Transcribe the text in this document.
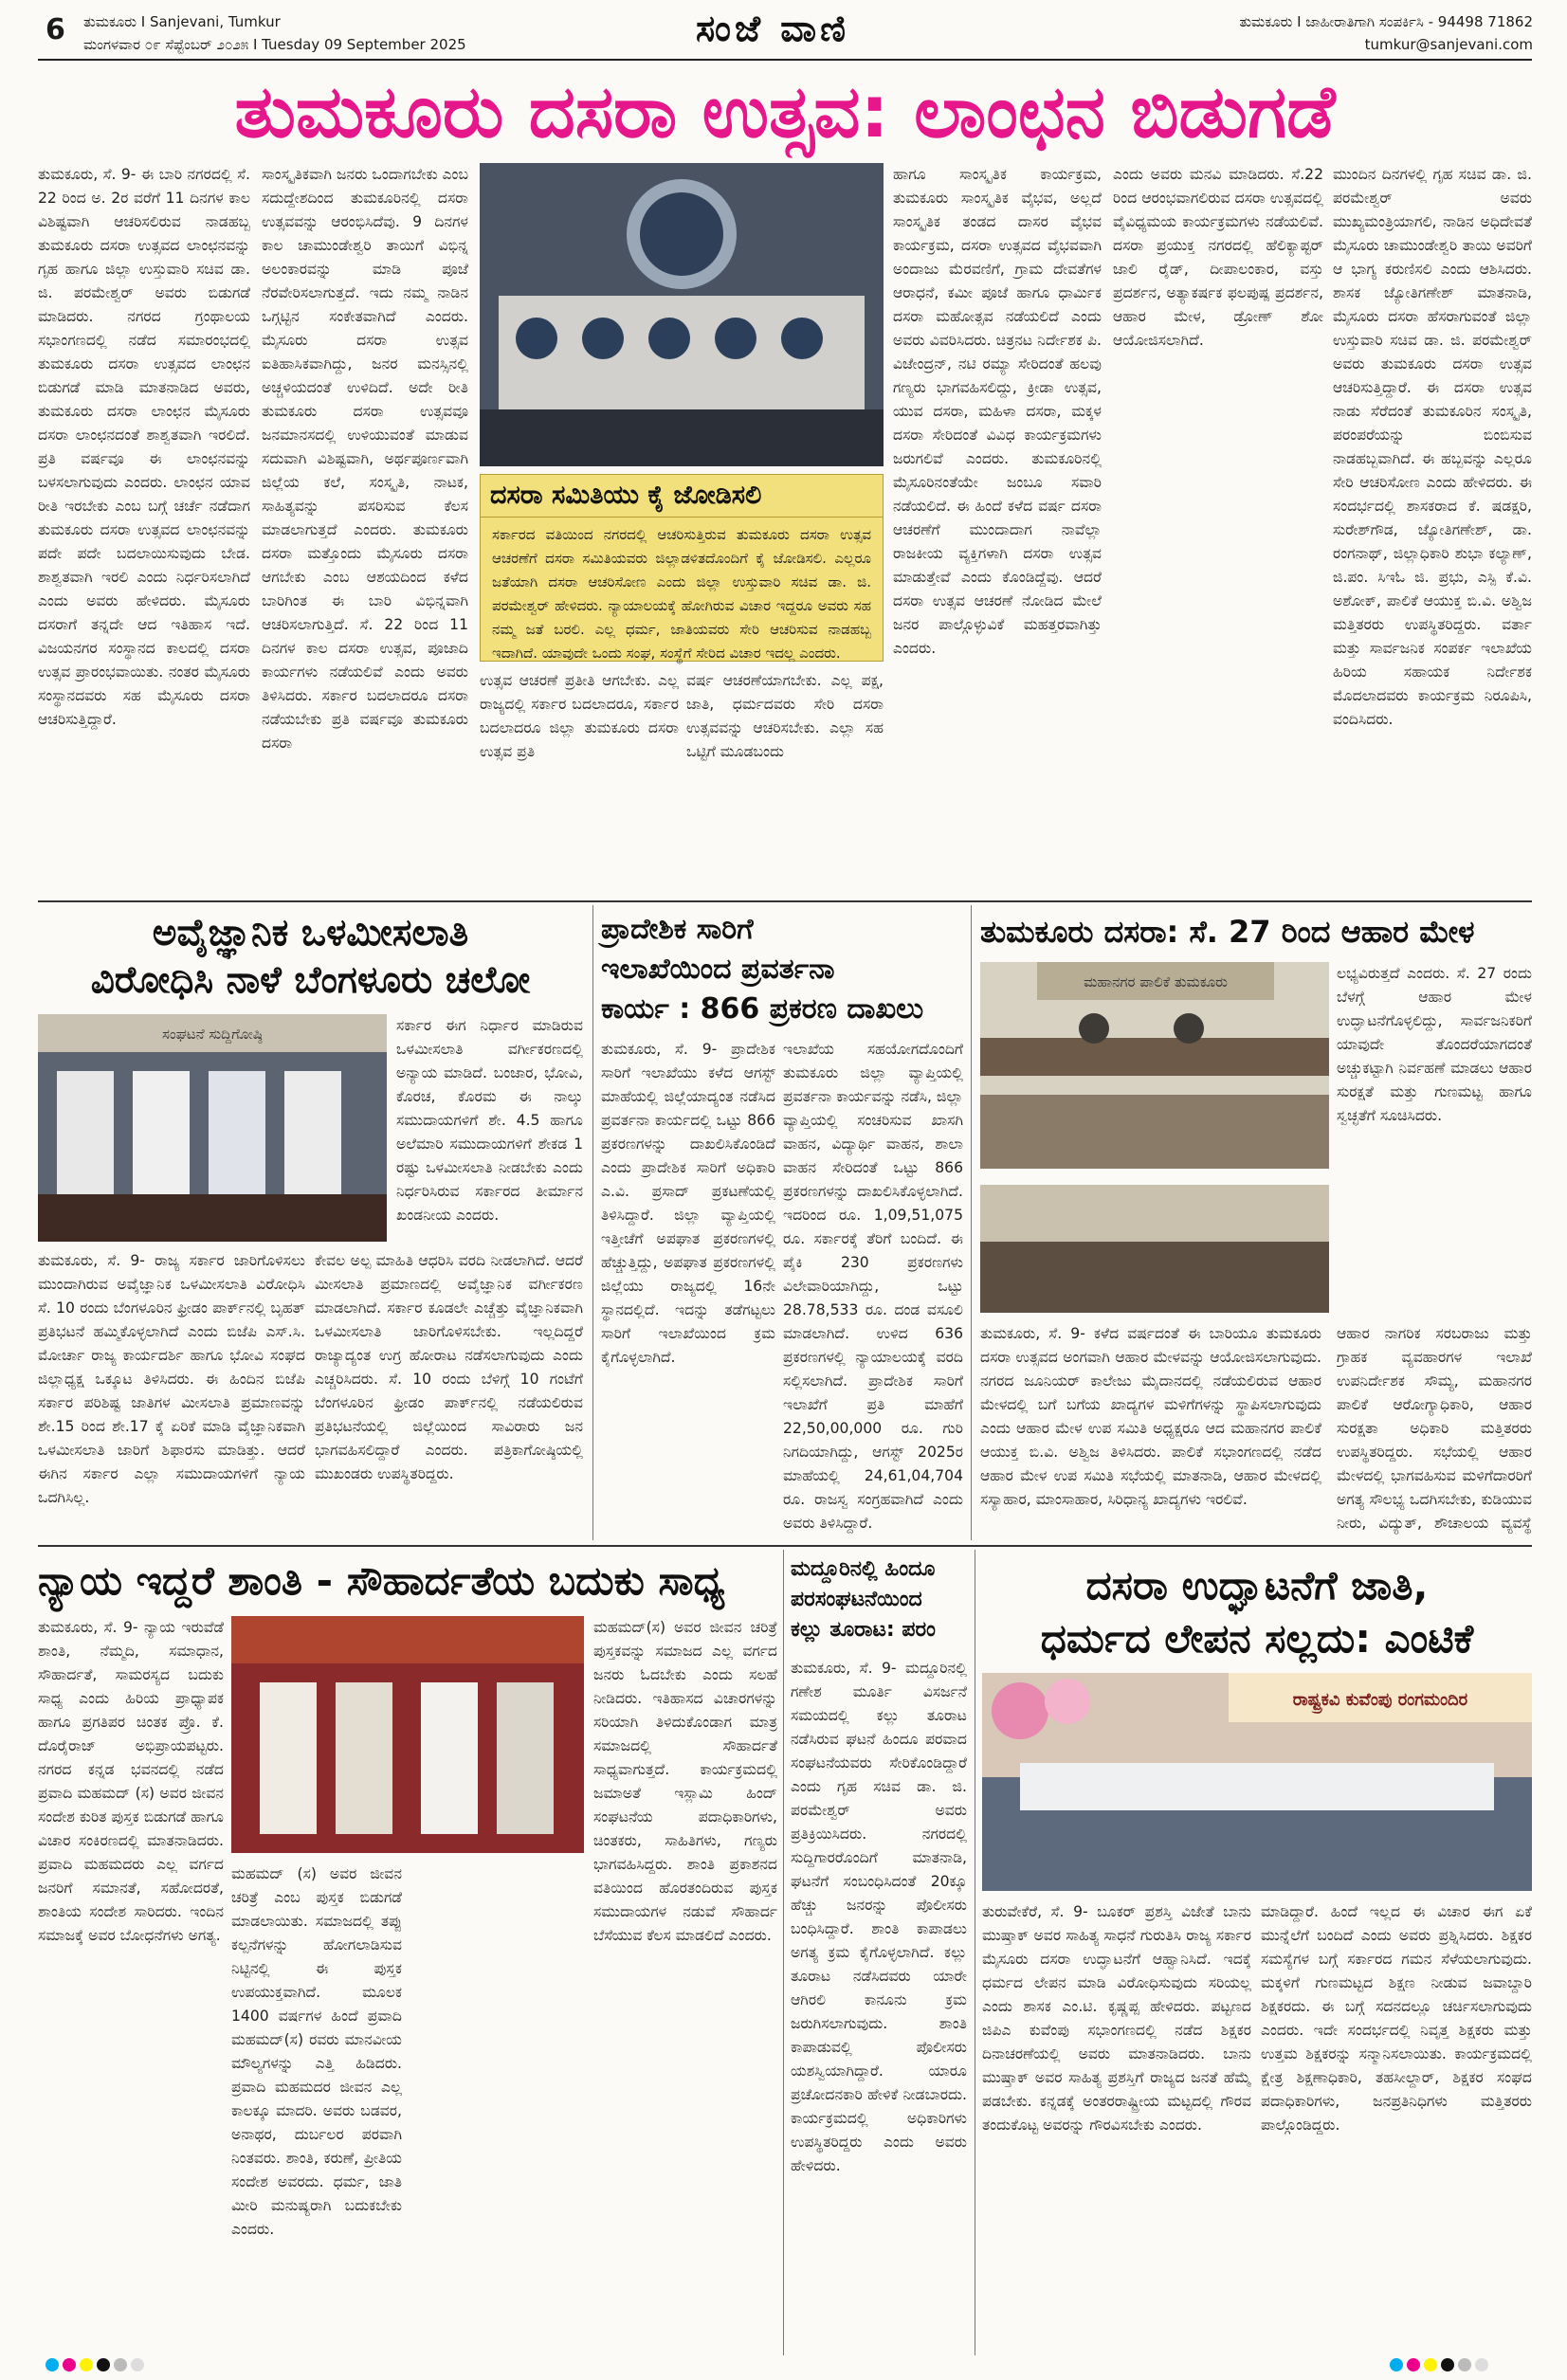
6 ತುಮಕೂರು I Sanjevani, Tumkur
ಮಂಗಳವಾರ ೦೯ ಸೆಪ್ಟೆಂಬರ್ ೨೦೨೫ I Tuesday 09 September 2025	ಸಂಜೆ ವಾಣಿ	ತುಮಕೂರು I ಜಾಹೀರಾತಿಗಾಗಿ ಸಂಪರ್ಕಿಸಿ - 94498 71862
tumkur@sanjevani.com
ತುಮಕೂರು ದಸರಾ ಉತ್ಸವ: ಲಾಂಛನ ಬಿಡುಗಡೆ
ತುಮಕೂರು, ಸೆ. 9- ಈ ಬಾರಿ ನಗರದಲ್ಲಿ ಸೆ. 22 ರಿಂದ ಅ. 2ರ ವರೆಗೆ 11 ದಿನಗಳ ಕಾಲ ವಿಶಿಷ್ಟವಾಗಿ ಆಚರಿಸಲಿರುವ ನಾಡಹಬ್ಬ ತುಮಕೂರು ದಸರಾ ಉತ್ಸವದ ಲಾಂಛನವನ್ನು ಗೃಹ ಹಾಗೂ ಜಿಲ್ಲಾ ಉಸ್ತುವಾರಿ ಸಚಿವ ಡಾ. ಜಿ. ಪರಮೇಶ್ವರ್ ಅವರು ಬಿಡುಗಡೆ ಮಾಡಿದರು. ನಗರದ ಗ್ರಂಥಾಲಯ ಸಭಾಂಗಣದಲ್ಲಿ ನಡೆದ ಸಮಾರಂಭದಲ್ಲಿ ತುಮಕೂರು ದಸರಾ ಉತ್ಸವದ ಲಾಂಛನ ಬಿಡುಗಡೆ ಮಾಡಿ ಮಾತನಾಡಿದ ಅವರು, ತುಮಕೂರು ದಸರಾ ಲಾಂಛನ ಮೈಸೂರು ದಸರಾ ಲಾಂಛನದಂತೆ ಶಾಶ್ವತವಾಗಿ ಇರಲಿದೆ. ಪ್ರತಿ ವರ್ಷವೂ ಈ ಲಾಂಛನವನ್ನು ಬಳಸಲಾಗುವುದು ಎಂದರು. ಲಾಂಛನ ಯಾವ ರೀತಿ ಇರಬೇಕು ಎಂಬ ಬಗ್ಗೆ ಚರ್ಚೆ ನಡೆದಾಗ ತುಮಕೂರು ದಸರಾ ಉತ್ಸವದ ಲಾಂಛನವನ್ನು ಪದೇ ಪದೇ ಬದಲಾಯಿಸುವುದು ಬೇಡ. ಶಾಶ್ವತವಾಗಿ ಇರಲಿ ಎಂದು ನಿರ್ಧರಿಸಲಾಗಿದೆ ಎಂದು ಅವರು ಹೇಳಿದರು. ಮೈಸೂರು ದಸರಾಗೆ ತನ್ನದೇ ಆದ ಇತಿಹಾಸ ಇದೆ. ವಿಜಯನಗರ ಸಂಸ್ಥಾನದ ಕಾಲದಲ್ಲಿ ದಸರಾ ಉತ್ಸವ ಪ್ರಾರಂಭವಾಯಿತು. ನಂತರ ಮೈಸೂರು ಸಂಸ್ಥಾನದವರು ಸಹ ಮೈಸೂರು ದಸರಾ ಆಚರಿಸುತ್ತಿದ್ದಾರೆ.
ಸಾಂಸ್ಕೃತಿಕವಾಗಿ ಜನರು ಒಂದಾಗಬೇಕು ಎಂಬ ಸದುದ್ದೇಶದಿಂದ ತುಮಕೂರಿನಲ್ಲಿ ದಸರಾ ಉತ್ಸವವನ್ನು ಆರಂಭಿಸಿದೆವು. 9 ದಿನಗಳ ಕಾಲ ಚಾಮುಂಡೇಶ್ವರಿ ತಾಯಿಗೆ ವಿಭಿನ್ನ ಅಲಂಕಾರವನ್ನು ಮಾಡಿ ಪೂಜೆ ನೆರವೇರಿಸಲಾಗುತ್ತದೆ. ಇದು ನಮ್ಮ ನಾಡಿನ ಒಗ್ಗಟ್ಟಿನ ಸಂಕೇತವಾಗಿದೆ ಎಂದರು. ಮೈಸೂರು ದಸರಾ ಉತ್ಸವ ಐತಿಹಾಸಿಕವಾಗಿದ್ದು, ಜನರ ಮನಸ್ಸಿನಲ್ಲಿ ಅಚ್ಚಳಿಯದಂತೆ ಉಳಿದಿದೆ. ಅದೇ ರೀತಿ ತುಮಕೂರು ದಸರಾ ಉತ್ಸವವೂ ಜನಮಾನಸದಲ್ಲಿ ಉಳಿಯುವಂತೆ ಮಾಡುವ ಸದುವಾಗಿ ವಿಶಿಷ್ಟವಾಗಿ, ಅರ್ಥಪೂರ್ಣವಾಗಿ ಜಿಲ್ಲೆಯ ಕಲೆ, ಸಂಸ್ಕೃತಿ, ನಾಟಕ, ಸಾಹಿತ್ಯವನ್ನು ಪಸರಿಸುವ ಕೆಲಸ ಮಾಡಲಾಗುತ್ತದೆ ಎಂದರು. ತುಮಕೂರು ದಸರಾ ಮತ್ತೊಂದು ಮೈಸೂರು ದಸರಾ ಆಗಬೇಕು ಎಂಬ ಆಶಯದಿಂದ ಕಳೆದ ಬಾರಿಗಿಂತ ಈ ಬಾರಿ ವಿಭಿನ್ನವಾಗಿ ಆಚರಿಸಲಾಗುತ್ತಿದೆ. ಸೆ. 22 ರಿಂದ 11 ದಿನಗಳ ಕಾಲ ದಸರಾ ಉತ್ಸವ, ಪೂಜಾದಿ ಕಾರ್ಯಗಳು ನಡೆಯಲಿವೆ ಎಂದು ಅವರು ತಿಳಿಸಿದರು. ಸರ್ಕಾರ ಬದಲಾದರೂ ದಸರಾ ನಡೆಯಬೇಕು ಪ್ರತಿ ವರ್ಷವೂ ತುಮಕೂರು ದಸರಾ
ದಸರಾ ಸಮಿತಿಯು ಕೈ ಜೋಡಿಸಲಿ
ಸರ್ಕಾರದ ವತಿಯಿಂದ ನಗರದಲ್ಲಿ ಆಚರಿಸುತ್ತಿರುವ ತುಮಕೂರು ದಸರಾ ಉತ್ಸವ ಆಚರಣೆಗೆ ದಸರಾ ಸಮಿತಿಯವರು ಜಿಲ್ಲಾಡಳಿತದೊಂದಿಗೆ ಕೈ ಜೋಡಿಸಲಿ. ಎಲ್ಲರೂ ಜತೆಯಾಗಿ ದಸರಾ ಆಚರಿಸೋಣ ಎಂದು ಜಿಲ್ಲಾ ಉಸ್ತುವಾರಿ ಸಚಿವ ಡಾ. ಜಿ. ಪರಮೇಶ್ವರ್ ಹೇಳಿದರು. ನ್ಯಾಯಾಲಯಕ್ಕೆ ಹೋಗಿರುವ ವಿಚಾರ ಇದ್ದರೂ ಅವರು ಸಹ ನಮ್ಮ ಜತೆ ಬರಲಿ. ಎಲ್ಲ ಧರ್ಮ, ಜಾತಿಯವರು ಸೇರಿ ಆಚರಿಸುವ ನಾಡಹಬ್ಬ ಇದಾಗಿದೆ. ಯಾವುದೇ ಒಂದು ಸಂಘ, ಸಂಸ್ಥೆಗೆ ಸೇರಿದ ವಿಚಾರ ಇದಲ್ಲ ಎಂದರು.
ಉತ್ಸವ ಆಚರಣೆ ಪ್ರತೀತಿ ಆಗಬೇಕು. ಎಲ್ಲ ರಾಜ್ಯದಲ್ಲಿ ಸರ್ಕಾರ ಬದಲಾದರೂ, ಸರ್ಕಾರ ಬದಲಾದರೂ ಜಿಲ್ಲಾ ತುಮಕೂರು ದಸರಾ ಉತ್ಸವ ಪ್ರತಿ
ವರ್ಷ ಆಚರಣೆಯಾಗಬೇಕು. ಎಲ್ಲ ಪಕ್ಷ, ಜಾತಿ, ಧರ್ಮದವರು ಸೇರಿ ದಸರಾ ಉತ್ಸವವನ್ನು ಆಚರಿಸಬೇಕು. ಎಲ್ಲಾ ಸಹ ಒಟ್ಟಿಗೆ ಮೂಡಬಂದು
ಹಾಗೂ ಸಾಂಸ್ಕೃತಿಕ ಕಾರ್ಯಕ್ರಮ, ತುಮಕೂರು ಸಾಂಸ್ಕೃತಿಕ ವೈಭವ, ಅಲ್ಲದೆ ಸಾಂಸ್ಕೃತಿಕ ತಂಡದ ದಾಸರ ವೈಭವ ಕಾರ್ಯಕ್ರಮ, ದಸರಾ ಉತ್ಸವದ ವೈಭವವಾಗಿ ಅಂದಾಜು ಮೆರವಣಿಗೆ, ಗ್ರಾಮ ದೇವತೆಗಳ ಆರಾಧನೆ, ಕಮೀ ಪೂಜೆ ಹಾಗೂ ಧಾರ್ಮಿಕ ದಸರಾ ಮಹೋತ್ಸವ ನಡೆಯಲಿದೆ ಎಂದು ಅವರು ವಿವರಿಸಿದರು. ಚಿತ್ರನಟ ನಿರ್ದೇಶಕ ಪಿ. ವಿಜೇಂದ್ರನ್, ನಟಿ ರಮ್ಯಾ ಸೇರಿದಂತೆ ಹಲವು ಗಣ್ಯರು ಭಾಗವಹಿಸಲಿದ್ದು, ಕ್ರೀಡಾ ಉತ್ಸವ, ಯುವ ದಸರಾ, ಮಹಿಳಾ ದಸರಾ, ಮಕ್ಕಳ ದಸರಾ ಸೇರಿದಂತೆ ವಿವಿಧ ಕಾರ್ಯಕ್ರಮಗಳು ಜರುಗಲಿವೆ ಎಂದರು. ತುಮಕೂರಿನಲ್ಲಿ ಮೈಸೂರಿನಂತೆಯೇ ಜಂಬೂ ಸವಾರಿ ನಡೆಯಲಿದೆ. ಈ ಹಿಂದೆ ಕಳೆದ ವರ್ಷ ದಸರಾ ಆಚರಣೆಗೆ ಮುಂದಾದಾಗ ನಾವೆಲ್ಲಾ ರಾಜಕೀಯ ವ್ಯಕ್ತಿಗಳಾಗಿ ದಸರಾ ಉತ್ಸವ ಮಾಡುತ್ತೇವೆ ಎಂದು ಕೊಂಡಿದ್ದೆವು. ಆದರೆ ದಸರಾ ಉತ್ಸವ ಆಚರಣೆ ನೋಡಿದ ಮೇಲೆ ಜನರ ಪಾಲ್ಗೊಳ್ಳುವಿಕೆ ಮಹತ್ತರವಾಗಿತ್ತು ಎಂದರು.
ಎಂದು ಅವರು ಮನವಿ ಮಾಡಿದರು. ಸೆ.22 ರಿಂದ ಆರಂಭವಾಗಲಿರುವ ದಸರಾ ಉತ್ಸವದಲ್ಲಿ ವೈವಿಧ್ಯಮಯ ಕಾರ್ಯಕ್ರಮಗಳು ನಡೆಯಲಿವೆ. ದಸರಾ ಪ್ರಯುಕ್ತ ನಗರದಲ್ಲಿ ಹೆಲಿಕ್ಯಾಪ್ಟರ್ ಜಾಲಿ ರೈಡ್, ದೀಪಾಲಂಕಾರ, ವಸ್ತು ಪ್ರದರ್ಶನ, ಅತ್ಯಾಕರ್ಷಕ ಫಲಪುಷ್ಪ ಪ್ರದರ್ಶನ, ಆಹಾರ ಮೇಳ, ಡ್ರೋಣ್ ಶೋ ಆಯೋಜಿಸಲಾಗಿದೆ.
ಮುಂದಿನ ದಿನಗಳಲ್ಲಿ ಗೃಹ ಸಚಿವ ಡಾ. ಜಿ. ಪರಮೇಶ್ವರ್ ಅವರು ಮುಖ್ಯಮಂತ್ರಿಯಾಗಲಿ, ನಾಡಿನ ಅಧಿದೇವತೆ ಮೈಸೂರು ಚಾಮುಂಡೇಶ್ವರಿ ತಾಯಿ ಅವರಿಗೆ ಆ ಭಾಗ್ಯ ಕರುಣಿಸಲಿ ಎಂದು ಆಶಿಸಿದರು. ಶಾಸಕ ಜ್ಯೋತಿಗಣೇಶ್ ಮಾತನಾಡಿ, ಮೈಸೂರು ದಸರಾ ಹೆಸರಾಗುವಂತೆ ಜಿಲ್ಲಾ ಉಸ್ತುವಾರಿ ಸಚಿವ ಡಾ. ಜಿ. ಪರಮೇಶ್ವರ್ ಅವರು ತುಮಕೂರು ದಸರಾ ಉತ್ಸವ ಆಚರಿಸುತ್ತಿದ್ದಾರೆ. ಈ ದಸರಾ ಉತ್ಸವ ನಾಡು ಸೆರೆದಂತೆ ತುಮಕೂರಿನ ಸಂಸ್ಕೃತಿ, ಪರಂಪರೆಯನ್ನು ಬಿಂಬಿಸುವ ನಾಡಹಬ್ಬವಾಗಿದೆ. ಈ ಹಬ್ಬವನ್ನು ಎಲ್ಲರೂ ಸೇರಿ ಆಚರಿಸೋಣ ಎಂದು ಹೇಳಿದರು. ಈ ಸಂದರ್ಭದಲ್ಲಿ ಶಾಸಕರಾದ ಕೆ. ಷಡಕ್ಷರಿ, ಸುರೇಶ್‍ಗೌಡ, ಜ್ಯೋತಿಗಣೇಶ್, ಡಾ. ರಂಗನಾಥ್, ಜಿಲ್ಲಾಧಿಕಾರಿ ಶುಭಾ ಕಲ್ಯಾಣ್, ಜಿ.ಪಂ. ಸಿಇಓ ಜಿ. ಪ್ರಭು, ಎಸ್ಪಿ ಕೆ.ವಿ. ಅಶೋಕ್, ಪಾಲಿಕೆ ಆಯುಕ್ತ ಬಿ.ವಿ. ಅಶ್ವಿಜ ಮತ್ತಿತರರು ಉಪಸ್ಥಿತರಿದ್ದರು. ವರ್ತಾ ಮತ್ತು ಸಾರ್ವಜನಿಕ ಸಂಪರ್ಕ ಇಲಾಖೆಯ ಹಿರಿಯ ಸಹಾಯಕ ನಿರ್ದೇಶಕ ಮೊದಲಾದವರು ಕಾರ್ಯಕ್ರಮ ನಿರೂಪಿಸಿ, ವಂದಿಸಿದರು.
ಅವೈಜ್ಞಾನಿಕ ಒಳಮೀಸಲಾತಿ
ವಿರೋಧಿಸಿ ನಾಳೆ ಬೆಂಗಳೂರು ಚಲೋ
ಸಂಘಟನೆ ಸುದ್ದಿಗೋಷ್ಠಿ	ಸರ್ಕಾರ ಈಗ ನಿರ್ಧಾರ ಮಾಡಿರುವ ಒಳಮೀಸಲಾತಿ ವರ್ಗೀಕರಣದಲ್ಲಿ ಅನ್ಯಾಯ ಮಾಡಿದೆ. ಬಂಜಾರ, ಭೋವಿ, ಕೊರಚ, ಕೊರಮ ಈ ನಾಲ್ಕು ಸಮುದಾಯಗಳಿಗೆ ಶೇ. 4.5 ಹಾಗೂ ಅಲೆಮಾರಿ ಸಮುದಾಯಗಳಿಗೆ ಶೇಕಡ 1 ರಷ್ಟು ಒಳಮೀಸಲಾತಿ ನೀಡಬೇಕು ಎಂದು ನಿರ್ಧರಿಸಿರುವ ಸರ್ಕಾರದ ತೀರ್ಮಾನ ಖಂಡನೀಯ ಎಂದರು.
ತುಮಕೂರು, ಸೆ. 9- ರಾಜ್ಯ ಸರ್ಕಾರ ಜಾರಿಗೊಳಿಸಲು ಮುಂದಾಗಿರುವ ಅವೈಜ್ಞಾನಿಕ ಒಳಮೀಸಲಾತಿ ವಿರೋಧಿಸಿ ಸೆ. 10 ರಂದು ಬೆಂಗಳೂರಿನ ಫ್ರೀಡಂ ಪಾರ್ಕ್‍ನಲ್ಲಿ ಬೃಹತ್ ಪ್ರತಿಭಟನೆ ಹಮ್ಮಿಕೊಳ್ಳಲಾಗಿದೆ ಎಂದು ಬಿಜೆಪಿ ಎಸ್.ಸಿ. ಮೋರ್ಚಾ ರಾಜ್ಯ ಕಾರ್ಯದರ್ಶಿ ಹಾಗೂ ಭೋವಿ ಸಂಘದ ಜಿಲ್ಲಾಧ್ಯಕ್ಷ ಒಕ್ಕೂಟ ತಿಳಿಸಿದರು. ಈ ಹಿಂದಿನ ಬಿಜೆಪಿ ಸರ್ಕಾರ ಪರಿಶಿಷ್ಟ ಜಾತಿಗಳ ಮೀಸಲಾತಿ ಪ್ರಮಾಣವನ್ನು ಶೇ.15 ರಿಂದ ಶೇ.17 ಕ್ಕೆ ಏರಿಕೆ ಮಾಡಿ ವೈಜ್ಞಾನಿಕವಾಗಿ ಒಳಮೀಸಲಾತಿ ಜಾರಿಗೆ ಶಿಫಾರಸು ಮಾಡಿತ್ತು. ಆದರೆ ಈಗಿನ ಸರ್ಕಾರ ಎಲ್ಲಾ ಸಮುದಾಯಗಳಿಗೆ ನ್ಯಾಯ ಒದಗಿಸಿಲ್ಲ.
ಕೇವಲ ಅಲ್ಪ ಮಾಹಿತಿ ಆಧರಿಸಿ ವರದಿ ನೀಡಲಾಗಿದೆ. ಆದರೆ ಮೀಸಲಾತಿ ಪ್ರಮಾಣದಲ್ಲಿ ಅವೈಜ್ಞಾನಿಕ ವರ್ಗೀಕರಣ ಮಾಡಲಾಗಿದೆ. ಸರ್ಕಾರ ಕೂಡಲೇ ಎಚ್ಚೆತ್ತು ವೈಜ್ಞಾನಿಕವಾಗಿ ಒಳಮೀಸಲಾತಿ ಜಾರಿಗೊಳಿಸಬೇಕು. ಇಲ್ಲದಿದ್ದರೆ ರಾಜ್ಯಾದ್ಯಂತ ಉಗ್ರ ಹೋರಾಟ ನಡೆಸಲಾಗುವುದು ಎಂದು ಎಚ್ಚರಿಸಿದರು. ಸೆ. 10 ರಂದು ಬೆಳಿಗ್ಗೆ 10 ಗಂಟೆಗೆ ಬೆಂಗಳೂರಿನ ಫ್ರೀಡಂ ಪಾರ್ಕ್‍ನಲ್ಲಿ ನಡೆಯಲಿರುವ ಪ್ರತಿಭಟನೆಯಲ್ಲಿ ಜಿಲ್ಲೆಯಿಂದ ಸಾವಿರಾರು ಜನ ಭಾಗವಹಿಸಲಿದ್ದಾರೆ ಎಂದರು. ಪತ್ರಿಕಾಗೋಷ್ಠಿಯಲ್ಲಿ ಮುಖಂಡರು ಉಪಸ್ಥಿತರಿದ್ದರು.
ಪ್ರಾದೇಶಿಕ ಸಾರಿಗೆ
ಇಲಾಖೆಯಿಂದ ಪ್ರವರ್ತನಾ
ಕಾರ್ಯ : 866 ಪ್ರಕರಣ ದಾಖಲು
ತುಮಕೂರು, ಸೆ. 9- ಪ್ರಾದೇಶಿಕ ಸಾರಿಗೆ ಇಲಾಖೆಯು ಕಳೆದ ಆಗಸ್ಟ್ ಮಾಹೆಯಲ್ಲಿ ಜಿಲ್ಲೆಯಾದ್ಯಂತ ನಡೆಸಿದ ಪ್ರವರ್ತನಾ ಕಾರ್ಯದಲ್ಲಿ ಒಟ್ಟು 866 ಪ್ರಕರಣಗಳನ್ನು ದಾಖಲಿಸಿಕೊಂಡಿದೆ ಎಂದು ಪ್ರಾದೇಶಿಕ ಸಾರಿಗೆ ಅಧಿಕಾರಿ ಎ.ವಿ. ಪ್ರಸಾದ್ ಪ್ರಕಟಣೆಯಲ್ಲಿ ತಿಳಿಸಿದ್ದಾರೆ. ಜಿಲ್ಲಾ ವ್ಯಾಪ್ತಿಯಲ್ಲಿ ಇತ್ತೀಚೆಗೆ ಅಪಘಾತ ಪ್ರಕರಣಗಳಲ್ಲಿ ಹೆಚ್ಚುತ್ತಿದ್ದು, ಅಪಘಾತ ಪ್ರಕರಣಗಳಲ್ಲಿ ಜಿಲ್ಲೆಯು ರಾಜ್ಯದಲ್ಲಿ 16ನೇ ಸ್ಥಾನದಲ್ಲಿದೆ. ಇದನ್ನು ತಡೆಗಟ್ಟಲು ಸಾರಿಗೆ ಇಲಾಖೆಯಿಂದ ಕ್ರಮ ಕೈಗೊಳ್ಳಲಾಗಿದೆ.
ಇಲಾಖೆಯ ಸಹಯೋಗದೊಂದಿಗೆ ತುಮಕೂರು ಜಿಲ್ಲಾ ವ್ಯಾಪ್ತಿಯಲ್ಲಿ ಪ್ರವರ್ತನಾ ಕಾರ್ಯವನ್ನು ನಡೆಸಿ, ಜಿಲ್ಲಾ ವ್ಯಾಪ್ತಿಯಲ್ಲಿ ಸಂಚರಿಸುವ ಖಾಸಗಿ ವಾಹನ, ವಿದ್ಯಾರ್ಥಿ ವಾಹನ, ಶಾಲಾ ವಾಹನ ಸೇರಿದಂತೆ ಒಟ್ಟು 866 ಪ್ರಕರಣಗಳನ್ನು ದಾಖಲಿಸಿಕೊಳ್ಳಲಾಗಿದೆ. ಇದರಿಂದ ರೂ. 1,09,51,075 ರೂ. ಸರ್ಕಾರಕ್ಕೆ ತೆರಿಗೆ ಬಂದಿದೆ. ಈ ಪೈಕಿ 230 ಪ್ರಕರಣಗಳು ವಿಲೇವಾರಿಯಾಗಿದ್ದು, ಒಟ್ಟು 28.78,533 ರೂ. ದಂಡ ವಸೂಲಿ ಮಾಡಲಾಗಿದೆ. ಉಳಿದ 636 ಪ್ರಕರಣಗಳಲ್ಲಿ ನ್ಯಾಯಾಲಯಕ್ಕೆ ವರದಿ ಸಲ್ಲಿಸಲಾಗಿದೆ. ಪ್ರಾದೇಶಿಕ ಸಾರಿಗೆ ಇಲಾಖೆಗೆ ಪ್ರತಿ ಮಾಹೆಗೆ 22,50,00,000 ರೂ. ಗುರಿ ನಿಗದಿಯಾಗಿದ್ದು, ಆಗಸ್ಟ್ 2025ರ ಮಾಹೆಯಲ್ಲಿ 24,61,04,704 ರೂ. ರಾಜಸ್ವ ಸಂಗ್ರಹವಾಗಿದೆ ಎಂದು ಅವರು ತಿಳಿಸಿದ್ದಾರೆ.
ತುಮಕೂರು ದಸರಾ: ಸೆ. 27 ರಿಂದ ಆಹಾರ ಮೇಳ
ಮಹಾನಗರ ಪಾಲಿಕೆ ತುಮಕೂರು	ಲಭ್ಯವಿರುತ್ತದೆ ಎಂದರು. ಸೆ. 27 ರಂದು ಬೆಳಗ್ಗೆ ಆಹಾರ ಮೇಳ ಉದ್ಘಾಟನೆಗೊಳ್ಳಲಿದ್ದು, ಸಾರ್ವಜನಿಕರಿಗೆ ಯಾವುದೇ ತೊಂದರೆಯಾಗದಂತೆ ಅಚ್ಚುಕಟ್ಟಾಗಿ ನಿರ್ವಹಣೆ ಮಾಡಲು ಆಹಾರ ಸುರಕ್ಷತೆ ಮತ್ತು ಗುಣಮಟ್ಟ ಹಾಗೂ ಸ್ವಚ್ಛತೆಗೆ ಸೂಚಿಸಿದರು.
ತುಮಕೂರು, ಸೆ. 9- ಕಳೆದ ವರ್ಷದಂತೆ ಈ ಬಾರಿಯೂ ತುಮಕೂರು ದಸರಾ ಉತ್ಸವದ ಅಂಗವಾಗಿ ಆಹಾರ ಮೇಳವನ್ನು ಆಯೋಜಿಸಲಾಗುವುದು. ನಗರದ ಜೂನಿಯರ್ ಕಾಲೇಜು ಮೈದಾನದಲ್ಲಿ ನಡೆಯಲಿರುವ ಆಹಾರ ಮೇಳದಲ್ಲಿ ಬಗೆ ಬಗೆಯ ಖಾದ್ಯಗಳ ಮಳಿಗೆಗಳನ್ನು ಸ್ಥಾಪಿಸಲಾಗುವುದು ಎಂದು ಆಹಾರ ಮೇಳ ಉಪ ಸಮಿತಿ ಅಧ್ಯಕ್ಷರೂ ಆದ ಮಹಾನಗರ ಪಾಲಿಕೆ ಆಯುಕ್ತ ಬಿ.ವಿ. ಅಶ್ವಿಜ ತಿಳಿಸಿದರು. ಪಾಲಿಕೆ ಸಭಾಂಗಣದಲ್ಲಿ ನಡೆದ ಆಹಾರ ಮೇಳ ಉಪ ಸಮಿತಿ ಸಭೆಯಲ್ಲಿ ಮಾತನಾಡಿ, ಆಹಾರ ಮೇಳದಲ್ಲಿ ಸಸ್ಯಾಹಾರ, ಮಾಂಸಾಹಾರ, ಸಿರಿಧಾನ್ಯ ಖಾದ್ಯಗಳು ಇರಲಿವೆ.
ಆಹಾರ ನಾಗರಿಕ ಸರಬರಾಜು ಮತ್ತು ಗ್ರಾಹಕ ವ್ಯವಹಾರಗಳ ಇಲಾಖೆ ಉಪನಿರ್ದೇಶಕ ಸೌಮ್ಯ, ಮಹಾನಗರ ಪಾಲಿಕೆ ಆರೋಗ್ಯಾಧಿಕಾರಿ, ಆಹಾರ ಸುರಕ್ಷತಾ ಅಧಿಕಾರಿ ಮತ್ತಿತರರು ಉಪಸ್ಥಿತರಿದ್ದರು. ಸಭೆಯಲ್ಲಿ ಆಹಾರ ಮೇಳದಲ್ಲಿ ಭಾಗವಹಿಸುವ ಮಳಿಗೆದಾರರಿಗೆ ಅಗತ್ಯ ಸೌಲಭ್ಯ ಒದಗಿಸಬೇಕು, ಕುಡಿಯುವ ನೀರು, ವಿದ್ಯುತ್, ಶೌಚಾಲಯ ವ್ಯವಸ್ಥೆ
ನ್ಯಾಯ ಇದ್ದರೆ ಶಾಂತಿ - ಸೌಹಾರ್ದತೆಯ ಬದುಕು ಸಾಧ್ಯ
ತುಮಕೂರು, ಸೆ. 9- ನ್ಯಾಯ ಇರುವೆಡೆ ಶಾಂತಿ, ನೆಮ್ಮದಿ, ಸಮಾಧಾನ, ಸೌಹಾರ್ದತೆ, ಸಾಮರಸ್ಯದ ಬದುಕು ಸಾಧ್ಯ ಎಂದು ಹಿರಿಯ ಪ್ರಾಧ್ಯಾಪಕ ಹಾಗೂ ಪ್ರಗತಿಪರ ಚಿಂತಕ ಪ್ರೊ. ಕೆ. ದೊರೈರಾಜ್ ಅಭಿಪ್ರಾಯಪಟ್ಟರು. ನಗರದ ಕನ್ನಡ ಭವನದಲ್ಲಿ ನಡೆದ ಪ್ರವಾದಿ ಮಹಮದ್ (ಸ) ಅವರ ಜೀವನ ಸಂದೇಶ ಕುರಿತ ಪುಸ್ತಕ ಬಿಡುಗಡೆ ಹಾಗೂ ವಿಚಾರ ಸಂಕಿರಣದಲ್ಲಿ ಮಾತನಾಡಿದರು. ಪ್ರವಾದಿ ಮಹಮದರು ಎಲ್ಲ ವರ್ಗದ ಜನರಿಗೆ ಸಮಾನತೆ, ಸಹೋದರತೆ, ಶಾಂತಿಯ ಸಂದೇಶ ಸಾರಿದರು. ಇಂದಿನ ಸಮಾಜಕ್ಕೆ ಅವರ ಬೋಧನೆಗಳು ಅಗತ್ಯ.
ಮಹಮದ್ (ಸ) ಅವರ ಜೀವನ ಚರಿತ್ರೆ ಎಂಬ ಪುಸ್ತಕ ಬಿಡುಗಡೆ ಮಾಡಲಾಯಿತು. ಸಮಾಜದಲ್ಲಿ ತಪ್ಪು ಕಲ್ಪನೆಗಳನ್ನು ಹೋಗಲಾಡಿಸುವ ನಿಟ್ಟಿನಲ್ಲಿ ಈ ಪುಸ್ತಕ ಉಪಯುಕ್ತವಾಗಿದೆ. ಮೂಲಕ 1400 ವರ್ಷಗಳ ಹಿಂದೆ ಪ್ರವಾದಿ ಮಹಮದ್(ಸ) ರವರು ಮಾನವೀಯ ಮೌಲ್ಯಗಳನ್ನು ಎತ್ತಿ ಹಿಡಿದರು. ಪ್ರವಾದಿ ಮಹಮದರ ಜೀವನ ಎಲ್ಲ ಕಾಲಕ್ಕೂ ಮಾದರಿ. ಅವರು ಬಡವರ, ಅನಾಥರ, ದುರ್ಬಲರ ಪರವಾಗಿ ನಿಂತವರು. ಶಾಂತಿ, ಕರುಣೆ, ಪ್ರೀತಿಯ ಸಂದೇಶ ಅವರದು. ಧರ್ಮ, ಜಾತಿ ಮೀರಿ ಮನುಷ್ಯರಾಗಿ ಬದುಕಬೇಕು ಎಂದರು.
ಮಹಮದ್(ಸ) ಅವರ ಜೀವನ ಚರಿತ್ರೆ ಪುಸ್ತಕವನ್ನು ಸಮಾಜದ ಎಲ್ಲ ವರ್ಗದ ಜನರು ಓದಬೇಕು ಎಂದು ಸಲಹೆ ನೀಡಿದರು. ಇತಿಹಾಸದ ವಿಚಾರಗಳನ್ನು ಸರಿಯಾಗಿ ತಿಳಿದುಕೊಂಡಾಗ ಮಾತ್ರ ಸಮಾಜದಲ್ಲಿ ಸೌಹಾರ್ದತೆ ಸಾಧ್ಯವಾಗುತ್ತದೆ. ಕಾರ್ಯಕ್ರಮದಲ್ಲಿ ಜಮಾಅತೆ ಇಸ್ಲಾಮಿ ಹಿಂದ್ ಸಂಘಟನೆಯ ಪದಾಧಿಕಾರಿಗಳು, ಚಿಂತಕರು, ಸಾಹಿತಿಗಳು, ಗಣ್ಯರು ಭಾಗವಹಿಸಿದ್ದರು. ಶಾಂತಿ ಪ್ರಕಾಶನದ ವತಿಯಿಂದ ಹೊರತಂದಿರುವ ಪುಸ್ತಕ ಸಮುದಾಯಗಳ ನಡುವೆ ಸೌಹಾರ್ದ ಬೆಸೆಯುವ ಕೆಲಸ ಮಾಡಲಿದೆ ಎಂದರು.
ಮದ್ದೂರಿನಲ್ಲಿ ಹಿಂದೂ
ಪರಸಂಘಟನೆಯಿಂದ
ಕಲ್ಲು ತೂರಾಟ: ಪರಂ
ತುಮಕೂರು, ಸೆ. 9- ಮದ್ದೂರಿನಲ್ಲಿ ಗಣೇಶ ಮೂರ್ತಿ ವಿಸರ್ಜನೆ ಸಮಯದಲ್ಲಿ ಕಲ್ಲು ತೂರಾಟ ನಡೆಸಿರುವ ಘಟನೆ ಹಿಂದೂ ಪರವಾದ ಸಂಘಟನೆಯವರು ಸೇರಿಕೊಂಡಿದ್ದಾರೆ ಎಂದು ಗೃಹ ಸಚಿವ ಡಾ. ಜಿ. ಪರಮೇಶ್ವರ್ ಅವರು ಪ್ರತಿಕ್ರಿಯಿಸಿದರು. ನಗರದಲ್ಲಿ ಸುದ್ದಿಗಾರರೊಂದಿಗೆ ಮಾತನಾಡಿ, ಘಟನೆಗೆ ಸಂಬಂಧಿಸಿದಂತೆ 20ಕ್ಕೂ ಹೆಚ್ಚು ಜನರನ್ನು ಪೊಲೀಸರು ಬಂಧಿಸಿದ್ದಾರೆ. ಶಾಂತಿ ಕಾಪಾಡಲು ಅಗತ್ಯ ಕ್ರಮ ಕೈಗೊಳ್ಳಲಾಗಿದೆ. ಕಲ್ಲು ತೂರಾಟ ನಡೆಸಿದವರು ಯಾರೇ ಆಗಿರಲಿ ಕಾನೂನು ಕ್ರಮ ಜರುಗಿಸಲಾಗುವುದು. ಶಾಂತಿ ಕಾಪಾಡುವಲ್ಲಿ ಪೊಲೀಸರು ಯಶಸ್ವಿಯಾಗಿದ್ದಾರೆ. ಯಾರೂ ಪ್ರಚೋದನಕಾರಿ ಹೇಳಿಕೆ ನೀಡಬಾರದು. ಕಾರ್ಯಕ್ರಮದಲ್ಲಿ ಅಧಿಕಾರಿಗಳು ಉಪಸ್ಥಿತರಿದ್ದರು ಎಂದು ಅವರು ಹೇಳಿದರು.
ದಸರಾ ಉದ್ಘಾಟನೆಗೆ ಜಾತಿ,
ಧರ್ಮದ ಲೇಪನ ಸಲ್ಲದು: ಎಂಟಿಕೆ
ರಾಷ್ಟ್ರಕವಿ ಕುವೆಂಪು ರಂಗಮಂದಿರ
ತುರುವೇಕೆರೆ, ಸೆ. 9- ಬೂಕರ್ ಪ್ರಶಸ್ತಿ ವಿಜೇತೆ ಬಾನು ಮುಷ್ತಾಕ್ ಅವರ ಸಾಹಿತ್ಯ ಸಾಧನೆ ಗುರುತಿಸಿ ರಾಜ್ಯ ಸರ್ಕಾರ ಮೈಸೂರು ದಸರಾ ಉದ್ಘಾಟನೆಗೆ ಆಹ್ವಾನಿಸಿದೆ. ಇದಕ್ಕೆ ಧರ್ಮದ ಲೇಪನ ಮಾಡಿ ವಿರೋಧಿಸುವುದು ಸರಿಯಲ್ಲ ಎಂದು ಶಾಸಕ ಎಂ.ಟಿ. ಕೃಷ್ಣಪ್ಪ ಹೇಳಿದರು. ಪಟ್ಟಣದ ಜಿಪಿಎ ಕುವೆಂಪು ಸಭಾಂಗಣದಲ್ಲಿ ನಡೆದ ಶಿಕ್ಷಕರ ದಿನಾಚರಣೆಯಲ್ಲಿ ಅವರು ಮಾತನಾಡಿದರು. ಬಾನು ಮುಷ್ತಾಕ್ ಅವರ ಸಾಹಿತ್ಯ ಪ್ರಶಸ್ತಿಗೆ ರಾಜ್ಯದ ಜನತೆ ಹೆಮ್ಮೆ ಪಡಬೇಕು. ಕನ್ನಡಕ್ಕೆ ಅಂತರರಾಷ್ಟ್ರೀಯ ಮಟ್ಟದಲ್ಲಿ ಗೌರವ ತಂದುಕೊಟ್ಟ ಅವರನ್ನು ಗೌರವಿಸಬೇಕು ಎಂದರು.
ಮಾಡಿದ್ದಾರೆ. ಹಿಂದೆ ಇಲ್ಲದ ಈ ವಿಚಾರ ಈಗ ಏಕೆ ಮುನ್ನೆಲೆಗೆ ಬಂದಿದೆ ಎಂದು ಅವರು ಪ್ರಶ್ನಿಸಿದರು. ಶಿಕ್ಷಕರ ಸಮಸ್ಯೆಗಳ ಬಗ್ಗೆ ಸರ್ಕಾರದ ಗಮನ ಸೆಳೆಯಲಾಗುವುದು. ಮಕ್ಕಳಿಗೆ ಗುಣಮಟ್ಟದ ಶಿಕ್ಷಣ ನೀಡುವ ಜವಾಬ್ದಾರಿ ಶಿಕ್ಷಕರದು. ಈ ಬಗ್ಗೆ ಸದನದಲ್ಲೂ ಚರ್ಚಿಸಲಾಗುವುದು ಎಂದರು. ಇದೇ ಸಂದರ್ಭದಲ್ಲಿ ನಿವೃತ್ತ ಶಿಕ್ಷಕರು ಮತ್ತು ಉತ್ತಮ ಶಿಕ್ಷಕರನ್ನು ಸನ್ಮಾನಿಸಲಾಯಿತು. ಕಾರ್ಯಕ್ರಮದಲ್ಲಿ ಕ್ಷೇತ್ರ ಶಿಕ್ಷಣಾಧಿಕಾರಿ, ತಹಸೀಲ್ದಾರ್, ಶಿಕ್ಷಕರ ಸಂಘದ ಪದಾಧಿಕಾರಿಗಳು, ಜನಪ್ರತಿನಿಧಿಗಳು ಮತ್ತಿತರರು ಪಾಲ್ಗೊಂಡಿದ್ದರು.
